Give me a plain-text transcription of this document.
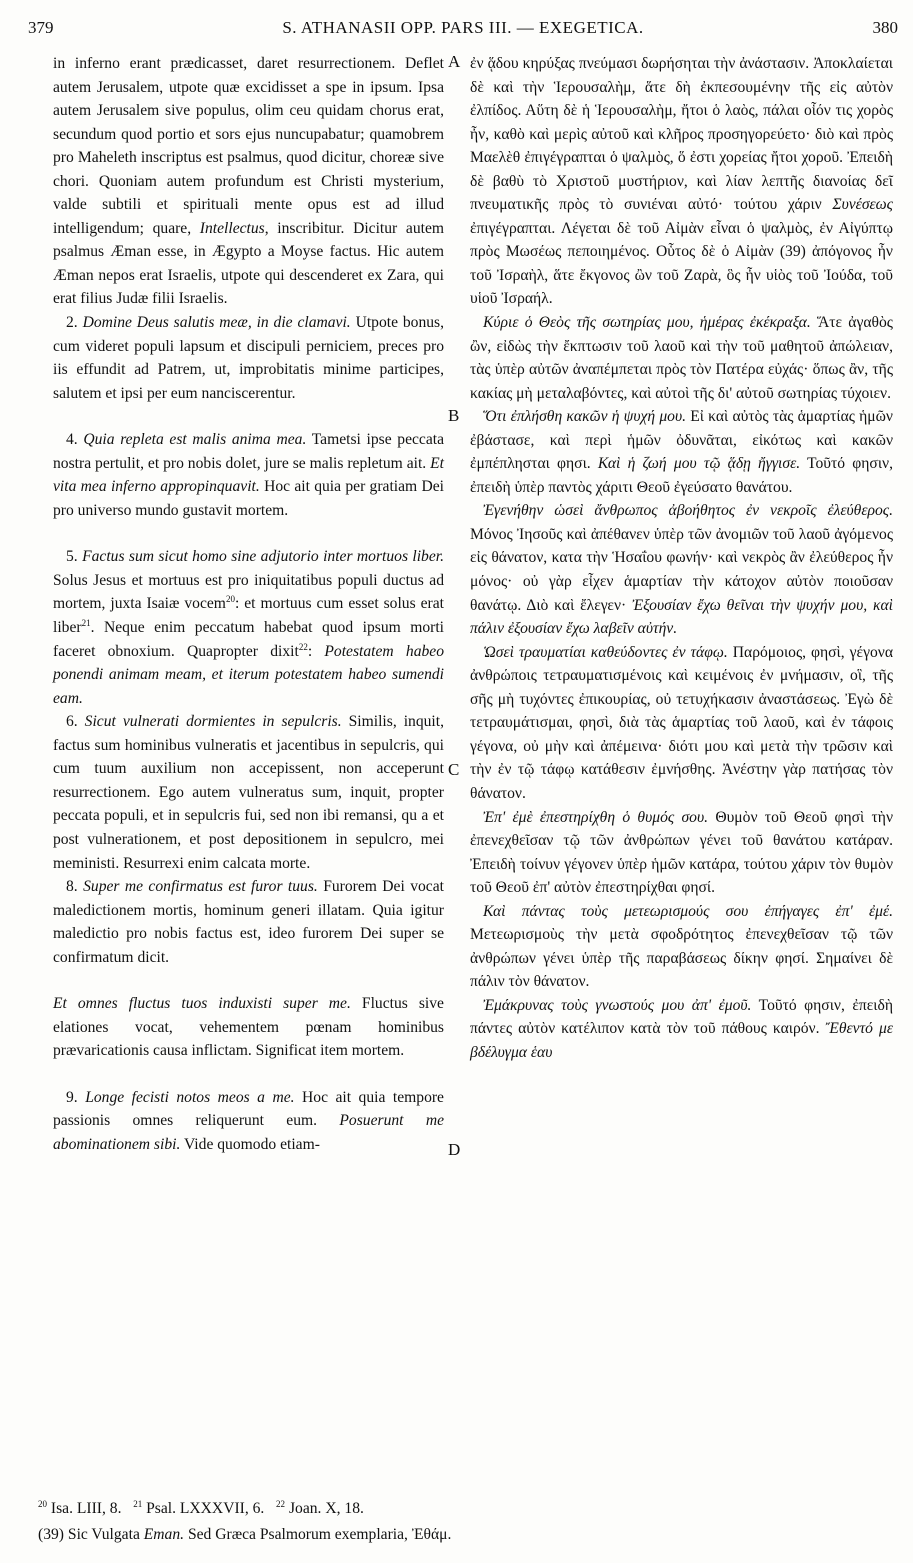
379	S. ATHANASII OPP. PARS III. — EXEGETICA.	380
A
B
C
D

in inferno erant prædicasset, daret resurrectionem. Deflet autem Jerusalem, utpote quæ excidisset a spe in ipsum. Ipsa autem Jerusalem sive populus, olim ceu quidam chorus erat, secundum quod portio et sors ejus nuncupabatur; quamobrem pro Maheleth inscriptus est psalmus, quod dicitur, choreæ sive chori. Quoniam autem profundum est Christi mysterium, valde subtili et spirituali mente opus est ad illud intelligendum; quare, Intellectus, inscribitur. Dicitur autem psalmus Æman esse, in Ægypto a Moyse factus. Hic autem Æman nepos erat Israelis, utpote qui descenderet ex Zara, qui erat filius Judæ filii Israelis.

2. Domine Deus salutis meæ, in die clamavi. Utpote bonus, cum videret populi lapsum et discipuli perniciem, preces pro iis effundit ad Patrem, ut, improbitatis minime participes, salutem et ipsi per eum nanciscerentur.

4. Quia repleta est malis anima mea. Tametsi ipse peccata nostra pertulit, et pro nobis dolet, jure se malis repletum ait. Et vita mea inferno appropinquavit. Hoc ait quia per gratiam Dei pro universo mundo gustavit mortem.

5. Factus sum sicut homo sine adjutorio inter mortuos liber. Solus Jesus et mortuus est pro iniquitatibus populi ductus ad mortem, juxta Isaiæ vocem$^{20}$: et mortuus cum esset solus erat liber$^{21}$. Neque enim peccatum habebat quod ipsum morti faceret obnoxium. Quapropter dixit$^{22}$: Potestatem habeo ponendi animam meam, et iterum potestatem habeo sumendi eam.

6. Sicut vulnerati dormientes in sepulcris. Similis, inquit, factus sum hominibus vulneratis et jacentibus in sepulcris, qui cum tuum auxilium non accepissent, non acceperunt resurrectionem. Ego autem vulneratus sum, inquit, propter peccata populi, et in sepulcris fui, sed non ibi remansi, qu a et post vulnerationem, et post depositionem in sepulcro, mei meministi. Resurrexi enim calcata morte.

8. Super me confirmatus est furor tuus. Furorem Dei vocat maledictionem mortis, hominum generi illatam. Quia igitur maledictio pro nobis factus est, ideo furorem Dei super se confirmatum dicit.

Et omnes fluctus tuos induxisti super me. Fluctus sive elationes vocat, vehementem pœnam hominibus prævaricationis causa inflictam. Significat item mortem.

9. Longe fecisti notos meos a me. Hoc ait quia tempore passionis omnes reliquerunt eum. Posuerunt me abominationem sibi. Vide quomodo etiam-

ἐν ᾅδου κηρύξας πνεύμασι δωρήσηται τὴν ἀνάστασιν. Ἀποκλαίεται δὲ καὶ τὴν Ἱερουσαλὴμ, ἅτε δὴ ἐκπεσουμένην τῆς εἰς αὐτὸν ἐλπίδος. Αὕτη δὲ ἡ Ἱερουσαλὴμ, ἤτοι ὁ λαὸς, πάλαι οἷόν τις χορὸς ἦν, καθὸ καὶ μερὶς αὐτοῦ καὶ κλῆρος προσηγορεύετο· διὸ καὶ πρὸς Μαελὲθ ἐπιγέγραπται ὁ ψαλμὸς, ὅ ἐστι χορείας ἤτοι χοροῦ. Ἐπειδὴ δὲ βαθὺ τὸ Χριστοῦ μυστήριον, καὶ λίαν λεπτῆς διανοίας δεῖ πνευματικῆς πρὸς τὸ συνιέναι αὐτό· τούτου χάριν Συνέσεως ἐπιγέγραπται. Λέγεται δὲ τοῦ Αἰμὰν εἶναι ὁ ψαλμὸς, ἐν Αἰγύπτῳ πρὸς Μωσέως πεποιημένος. Οὗτος δὲ ὁ Αἰμὰν (39) ἀπόγονος ἦν τοῦ Ἰσραὴλ, ἅτε ἔκγονος ὢν τοῦ Ζαρὰ, ὃς ἦν υἱὸς τοῦ Ἰούδα, τοῦ υἱοῦ Ἰσραήλ.

Κύριε ὁ Θεὸς τῆς σωτηρίας μου, ἡμέρας ἐκέκραξα. Ἅτε ἀγαθὸς ὢν, εἰδὼς τὴν ἔκπτωσιν τοῦ λαοῦ καὶ τὴν τοῦ μαθητοῦ ἀπώλειαν, τὰς ὑπὲρ αὐτῶν ἀναπέμπεται πρὸς τὸν Πατέρα εὐχάς· ὅπως ἂν, τῆς κακίας μὴ μεταλαβόντες, καὶ αὐτοὶ τῆς δι' αὐτοῦ σωτηρίας τύχοιεν.

Ὅτι ἐπλήσθη κακῶν ἡ ψυχή μου. Εἰ καὶ αὐτὸς τὰς ἁμαρτίας ἡμῶν ἐβάστασε, καὶ περὶ ἡμῶν ὀδυνᾶται, εἰκότως καὶ κακῶν ἐμπέπλησται φησι. Καὶ ἡ ζωή μου τῷ ᾅδῃ ἤγγισε. Τοῦτό φησιν, ἐπειδὴ ὑπὲρ παντὸς χάριτι Θεοῦ ἐγεύσατο θανάτου.

Ἐγενήθην ὡσεὶ ἄνθρωπος ἀβοήθητος ἐν νεκροῖς ἐλεύθερος. Μόνος Ἰησοῦς καὶ ἀπέθανεν ὑπὲρ τῶν ἀνομιῶν τοῦ λαοῦ ἀγόμενος εἰς θάνατον, κατα τὴν Ἡσαΐου φωνήν· καὶ νεκρὸς ἂν ἐλεύθερος ἦν μόνος· οὐ γὰρ εἶχεν ἁμαρτίαν τὴν κάτοχον αὐτὸν ποιοῦσαν θανάτῳ. Διὸ καὶ ἔλεγεν· Ἐξουσίαν ἔχω θεῖναι τὴν ψυχήν μου, καὶ πάλιν ἐξουσίαν ἔχω λαβεῖν αὐτήν.

Ὡσεὶ τραυματίαι καθεύδοντες ἐν τάφῳ. Παρόμοιος, φησὶ, γέγονα ἀνθρώποις τετραυματισμένοις καὶ κειμένοις ἐν μνήμασιν, οἳ, τῆς σῆς μὴ τυχόντες ἐπικουρίας, οὐ τετυχήκασιν ἀναστάσεως. Ἐγὼ δὲ τετραυμάτισμαι, φησὶ, διὰ τὰς ἁμαρτίας τοῦ λαοῦ, καὶ ἐν τάφοις γέγονα, οὐ μὴν καὶ ἀπέμεινα· διότι μου καὶ μετὰ τὴν τρῶσιν καὶ τὴν ἐν τῷ τάφῳ κατάθεσιν ἐμνήσθης. Ἀνέστην γὰρ πατήσας τὸν θάνατον.

Ἐπ' ἐμὲ ἐπεστηρίχθη ὁ θυμός σου. Θυμὸν τοῦ Θεοῦ φησὶ τὴν ἐπενεχθεῖσαν τῷ τῶν ἀνθρώπων γένει τοῦ θανάτου κατάραν. Ἐπειδὴ τοίνυν γέγονεν ὑπὲρ ἡμῶν κατάρα, τούτου χάριν τὸν θυμὸν τοῦ Θεοῦ ἐπ' αὐτὸν ἐπεστηρίχθαι φησί.

Καὶ πάντας τοὺς μετεωρισμούς σου ἐπήγαγες ἐπ' ἐμέ. Μετεωρισμοὺς τὴν μετὰ σφοδρότητος ἐπενεχθεῖσαν τῷ τῶν ἀνθρώπων γένει ὑπὲρ τῆς παραβάσεως δίκην φησί. Σημαίνει δὲ πάλιν τὸν θάνατον.

Ἐμάκρυνας τοὺς γνωστούς μου ἀπ' ἐμοῦ. Τοῦτό φησιν, ἐπειδὴ πάντες αὐτὸν κατέλιπον κατὰ τὸν τοῦ πάθους καιρόν. Ἔθεντό με βδέλυγμα ἑαυ

$^{20}$ Isa. LIII, 8. $^{21}$ Psal. LXXXVII, 6. $^{22}$ Joan. X, 18.
(39) Sic Vulgata Eman. Sed Græca Psalmorum exemplaria, Ἐθάμ.
